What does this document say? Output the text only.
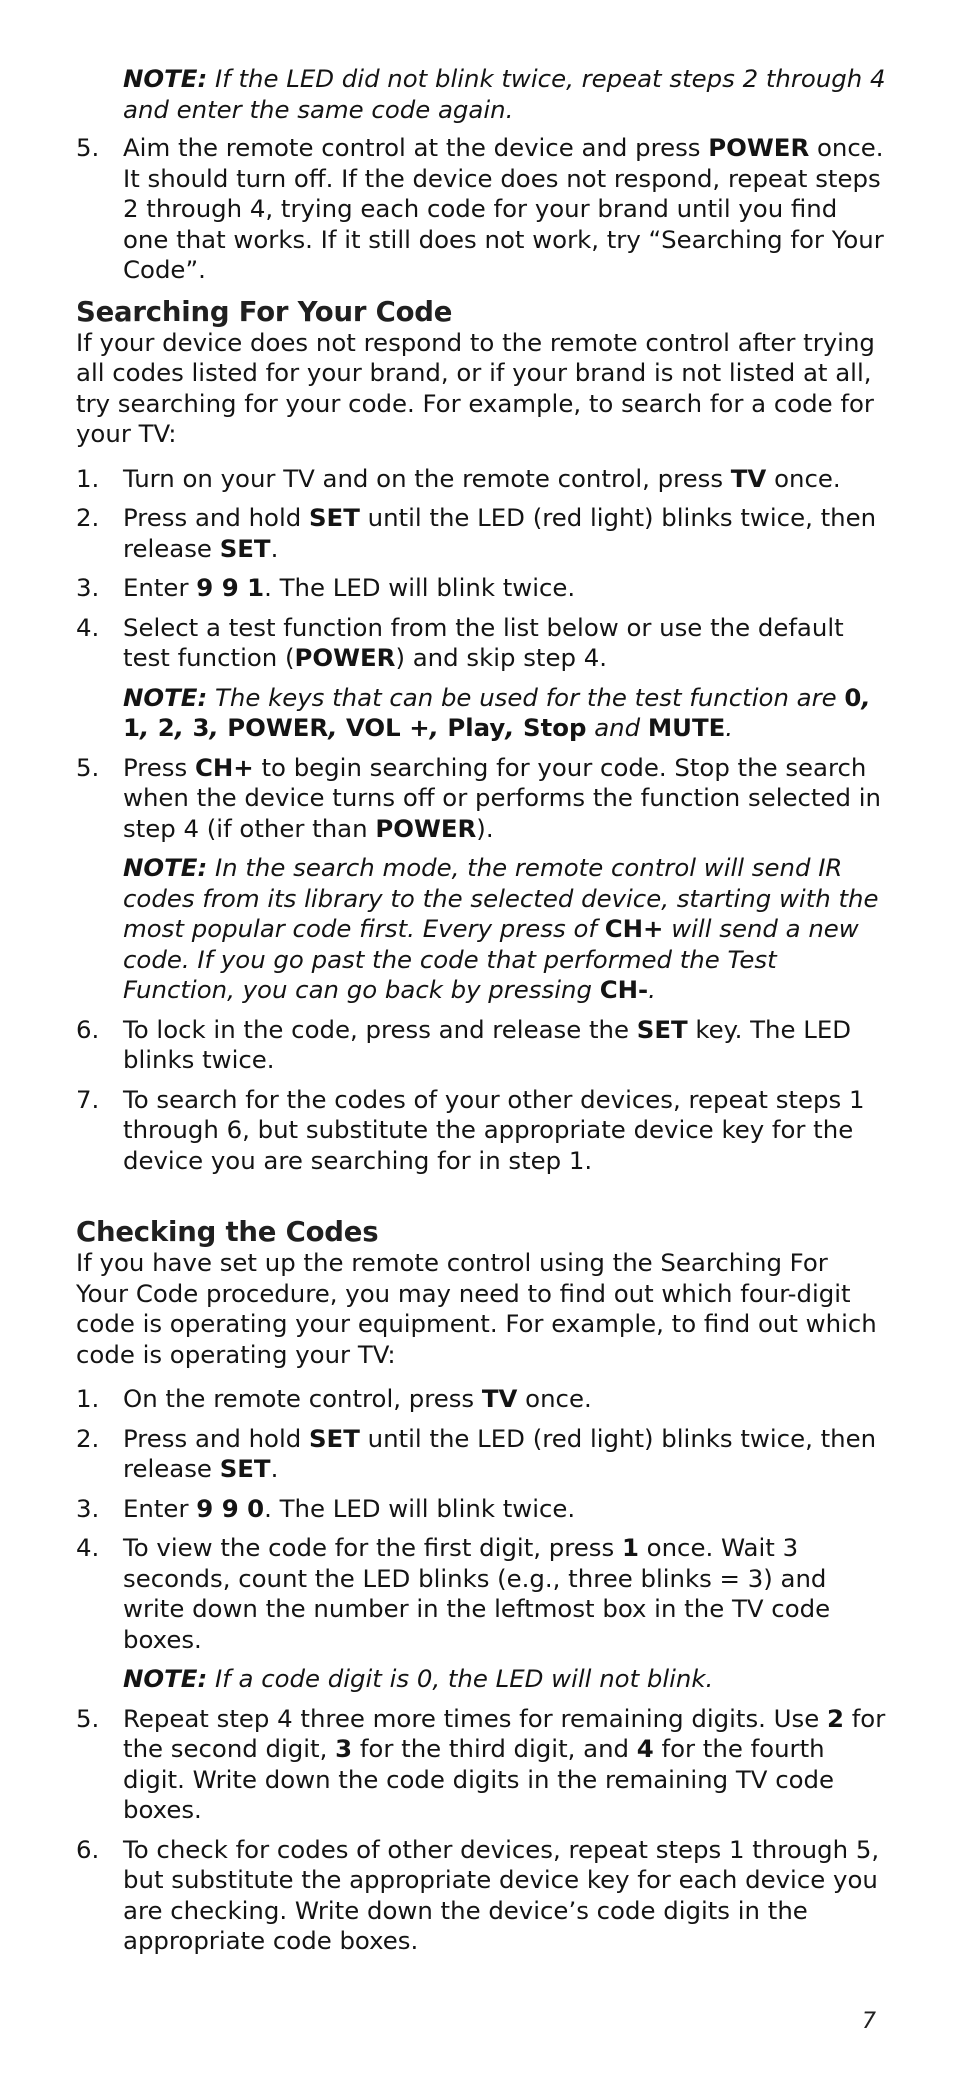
NOTE: If the LED did not blink twice, repeat steps 2 through 4 and enter the same code again.
5. Aim the remote control at the device and press POWER once. It should turn off. If the device does not respond, repeat steps 2 through 4, trying each code for your brand until you find one that works. If it still does not work, try “Searching for Your Code”.
Searching For Your Code
If your device does not respond to the remote control after trying all codes listed for your brand, or if your brand is not listed at all, try searching for your code. For example, to search for a code for your TV:
1. Turn on your TV and on the remote control, press TV once.
2. Press and hold SET until the LED (red light) blinks twice, then release SET.
3. Enter 9 9 1. The LED will blink twice.
4. Select a test function from the list below or use the default test function (POWER) and skip step 4.
NOTE: The keys that can be used for the test function are 0, 1, 2, 3, POWER, VOL +, Play, Stop and MUTE.
5. Press CH+ to begin searching for your code. Stop the search when the device turns off or performs the function selected in step 4 (if other than POWER).
NOTE: In the search mode, the remote control will send IR codes from its library to the selected device, starting with the most popular code first. Every press of CH+ will send a new code. If you go past the code that performed the Test Function, you can go back by pressing CH-.
6. To lock in the code, press and release the SET key. The LED blinks twice.
7. To search for the codes of your other devices, repeat steps 1 through 6, but substitute the appropriate device key for the device you are searching for in step 1.
Checking the Codes
If you have set up the remote control using the Searching For Your Code procedure, you may need to find out which four-digit code is operating your equipment. For example, to find out which code is operating your TV:
1. On the remote control, press TV once.
2. Press and hold SET until the LED (red light) blinks twice, then release SET.
3. Enter 9 9 0. The LED will blink twice.
4. To view the code for the first digit, press 1 once. Wait 3 seconds, count the LED blinks (e.g., three blinks = 3) and write down the number in the leftmost box in the TV code boxes.
NOTE: If a code digit is 0, the LED will not blink.
5. Repeat step 4 three more times for remaining digits. Use 2 for the second digit, 3 for the third digit, and 4 for the fourth digit. Write down the code digits in the remaining TV code boxes.
6. To check for codes of other devices, repeat steps 1 through 5, but substitute the appropriate device key for each device you are checking. Write down the device’s code digits in the appropriate code boxes.
7
